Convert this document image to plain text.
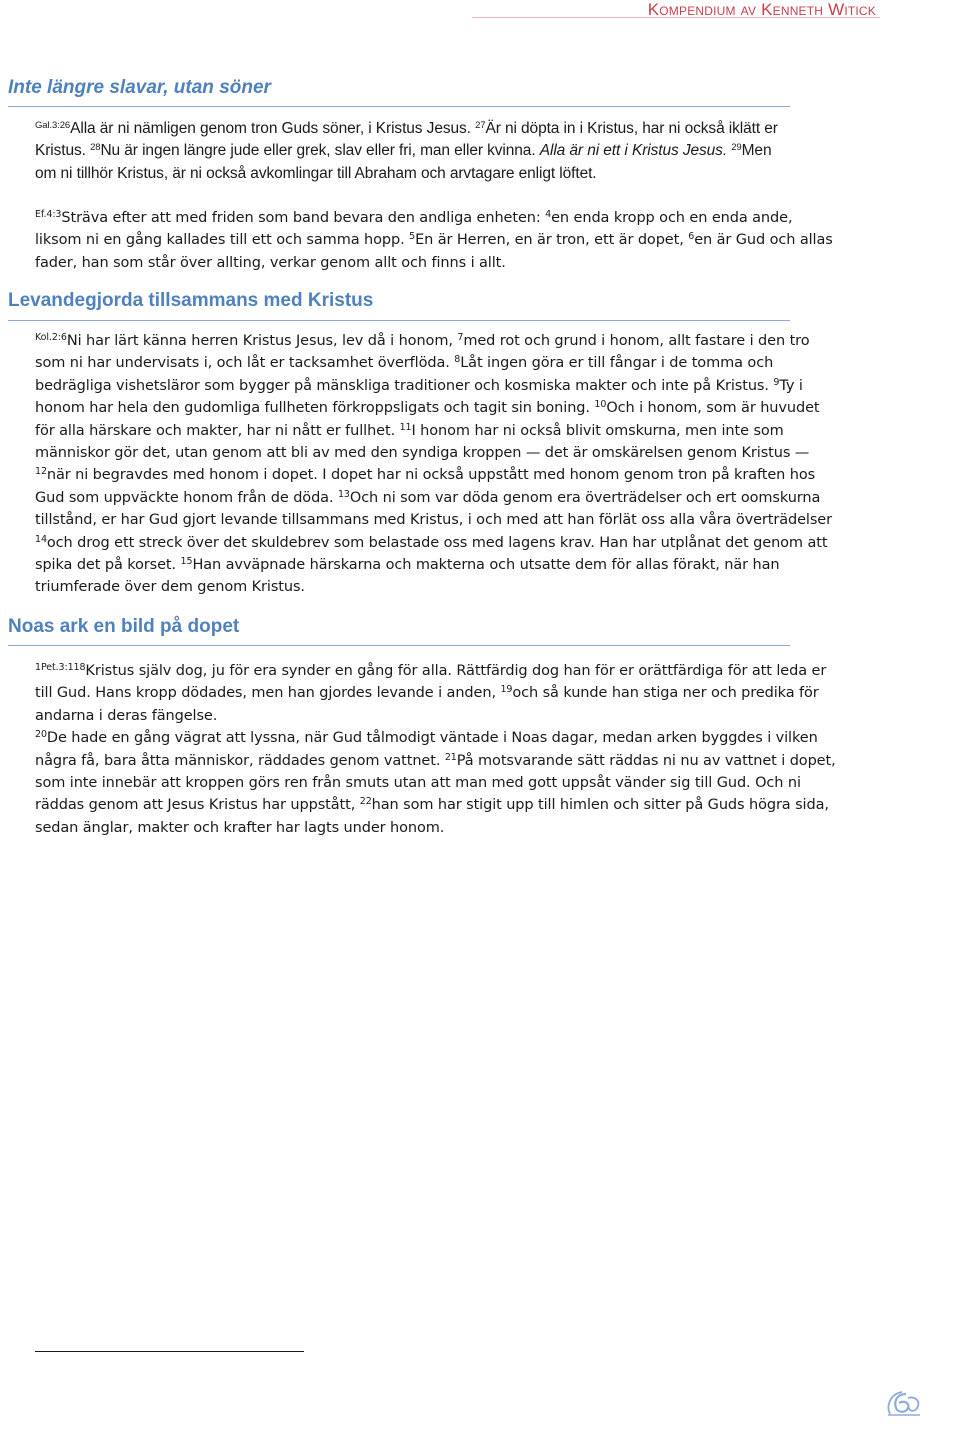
Kompendium av Kenneth Witick
Inte längre slavar, utan söner
$^{Gal.3:26}$Alla är ni nämligen genom tron Guds söner, i Kristus Jesus. $^{27}$Är ni döpta in i Kristus, har ni också iklätt er
Kristus. $^{28}$Nu är ingen längre jude eller grek, slav eller fri, man eller kvinna. Alla är ni ett i Kristus Jesus. $^{29}$Men
om ni tillhör Kristus, är ni också avkomlingar till Abraham och arvtagare enligt löftet.
$^{Ef.4:3}$Sträva efter att med friden som band bevara den andliga enheten: $^4$en enda kropp och en enda ande,
liksom ni en gång kallades till ett och samma hopp. $^5$En är Herren, en är tron, ett är dopet, $^6$en är Gud och allas
fader, han som står över allting, verkar genom allt och finns i allt.
Levandegjorda tillsammans med Kristus
$^{Kol.2:6}$Ni har lärt känna herren Kristus Jesus, lev då i honom, $^7$med rot och grund i honom, allt fastare i den tro
som ni har undervisats i, och låt er tacksamhet överflöda. $^8$Låt ingen göra er till fångar i de tomma och
bedrägliga vishetsläror som bygger på mänskliga traditioner och kosmiska makter och inte på Kristus. $^9$Ty i
honom har hela den gudomliga fullheten förkroppsligats och tagit sin boning. $^{10}$Och i honom, som är huvudet
för alla härskare och makter, har ni nått er fullhet. $^{11}$I honom har ni också blivit omskurna, men inte som
människor gör det, utan genom att bli av med den syndiga kroppen — det är omskärelsen genom Kristus —
$^{12}$när ni begravdes med honom i dopet. I dopet har ni också uppstått med honom genom tron på kraften hos
Gud som uppväckte honom från de döda. $^{13}$Och ni som var döda genom era överträdelser och ert oomskurna
tillstånd, er har Gud gjort levande tillsammans med Kristus, i och med att han förlät oss alla våra överträdelser
$^{14}$och drog ett streck över det skuldebrev som belastade oss med lagens krav. Han har utplånat det genom att
spika det på korset. $^{15}$Han avväpnade härskarna och makterna och utsatte dem för allas förakt, när han
triumferade över dem genom Kristus.
Noas ark en bild på dopet
$^{1Pet.3:118}$Kristus själv dog, ju för era synder en gång för alla. Rättfärdig dog han för er orättfärdiga för att leda er
till Gud. Hans kropp dödades, men han gjordes levande i anden, $^{19}$och så kunde han stiga ner och predika för
andarna i deras fängelse.
$^{20}$De hade en gång vägrat att lyssna, när Gud tålmodigt väntade i Noas dagar, medan arken byggdes i vilken
några få, bara åtta människor, räddades genom vattnet. $^{21}$På motsvarande sätt räddas ni nu av vattnet i dopet,
som inte innebär att kroppen görs ren från smuts utan att man med gott uppsåt vänder sig till Gud. Och ni
räddas genom att Jesus Kristus har uppstått, $^{22}$han som har stigit upp till himlen och sitter på Guds högra sida,
sedan änglar, makter och krafter har lagts under honom.
